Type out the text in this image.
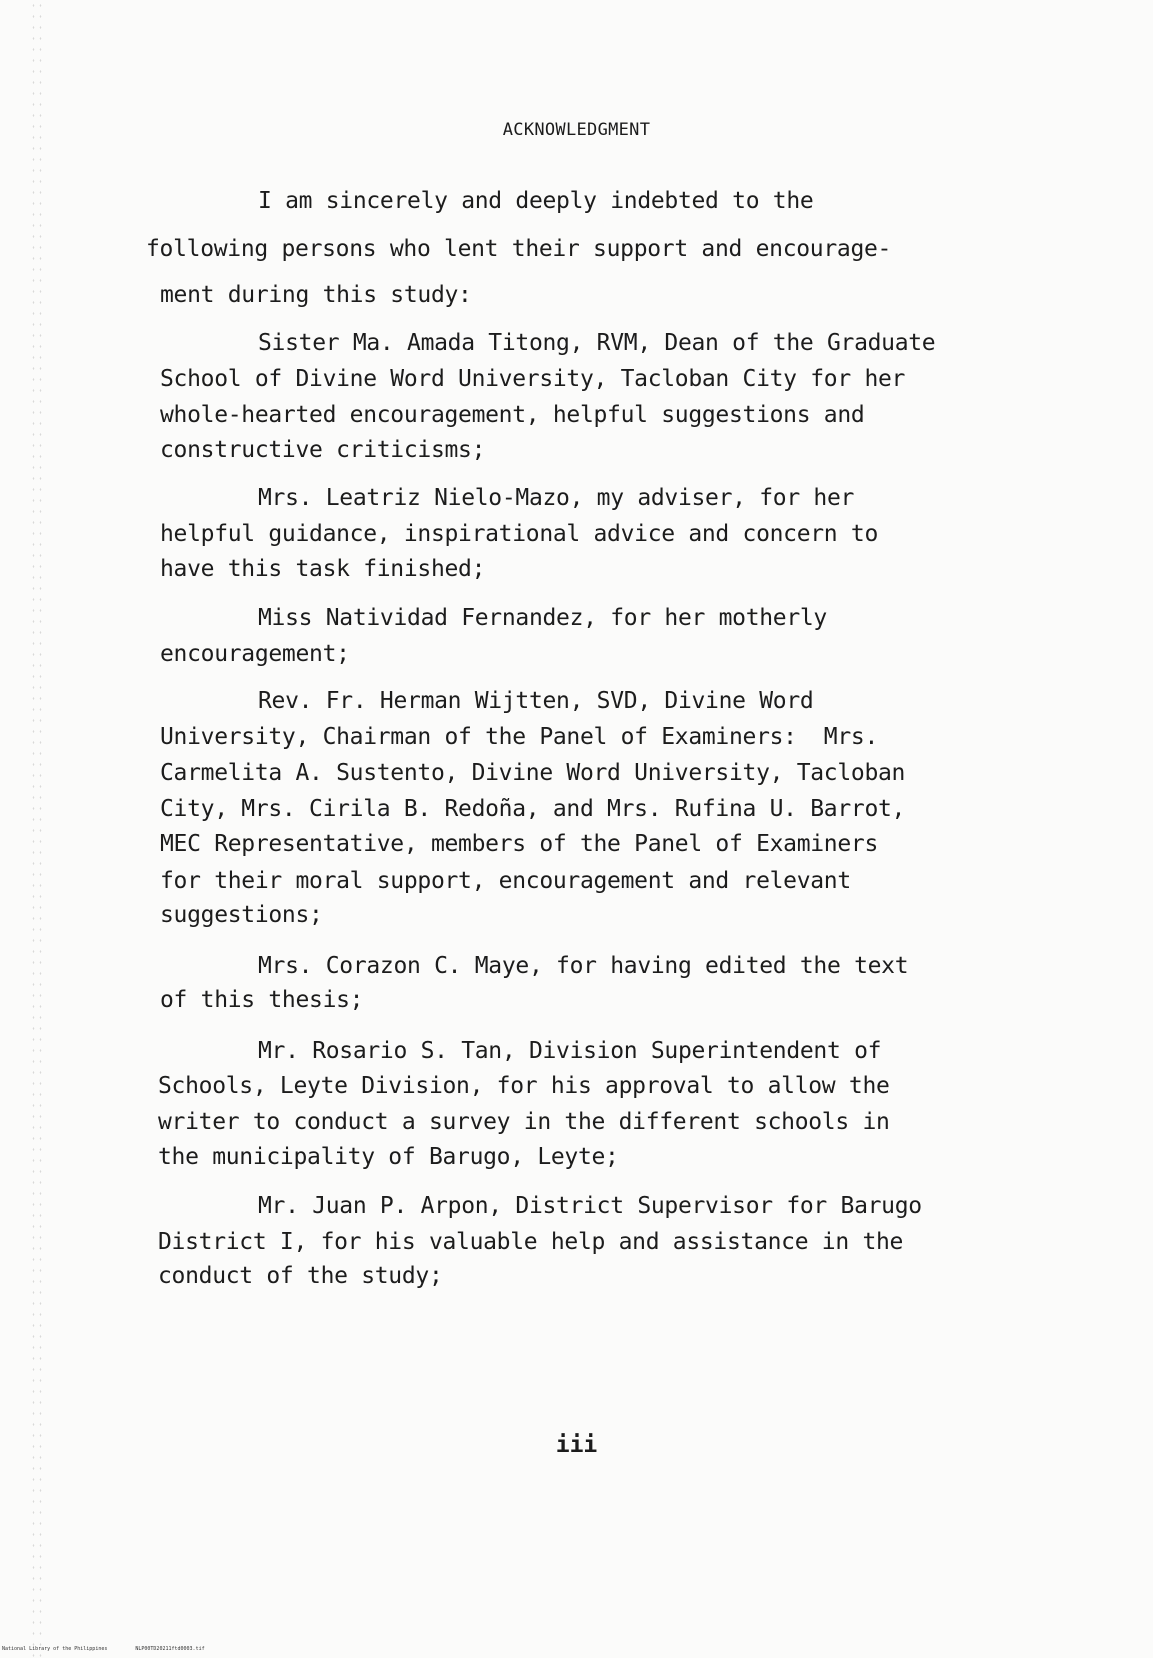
ACKNOWLEDGMENT
I am sincerely and deeply indebted to the
following persons who lent their support and encourage-
ment during this study:
Sister Ma. Amada Titong, RVM, Dean of the Graduate
School of Divine Word University, Tacloban City for her
whole-hearted encouragement, helpful suggestions and
constructive criticisms;
Mrs. Leatriz Nielo-Mazo, my adviser, for her
helpful guidance, inspirational advice and concern to
have this task finished;
Miss Natividad Fernandez, for her motherly
encouragement;
Rev. Fr. Herman Wijtten, SVD, Divine Word
University, Chairman of the Panel of Examiners:  Mrs.
Carmelita A. Sustento, Divine Word University, Tacloban
City, Mrs. Cirila B. Redoña, and Mrs. Rufina U. Barrot,
MEC Representative, members of the Panel of Examiners
for their moral support, encouragement and relevant
suggestions;
Mrs. Corazon C. Maye, for having edited the text
of this thesis;
Mr. Rosario S. Tan, Division Superintendent of
Schools, Leyte Division, for his approval to allow the
writer to conduct a survey in the different schools in
the municipality of Barugo, Leyte;
Mr. Juan P. Arpon, District Supervisor for Barugo
District I, for his valuable help and assistance in the
conduct of the study;
iii
National Library of the Philippines	NLP00TD20211ftd0003.tif
